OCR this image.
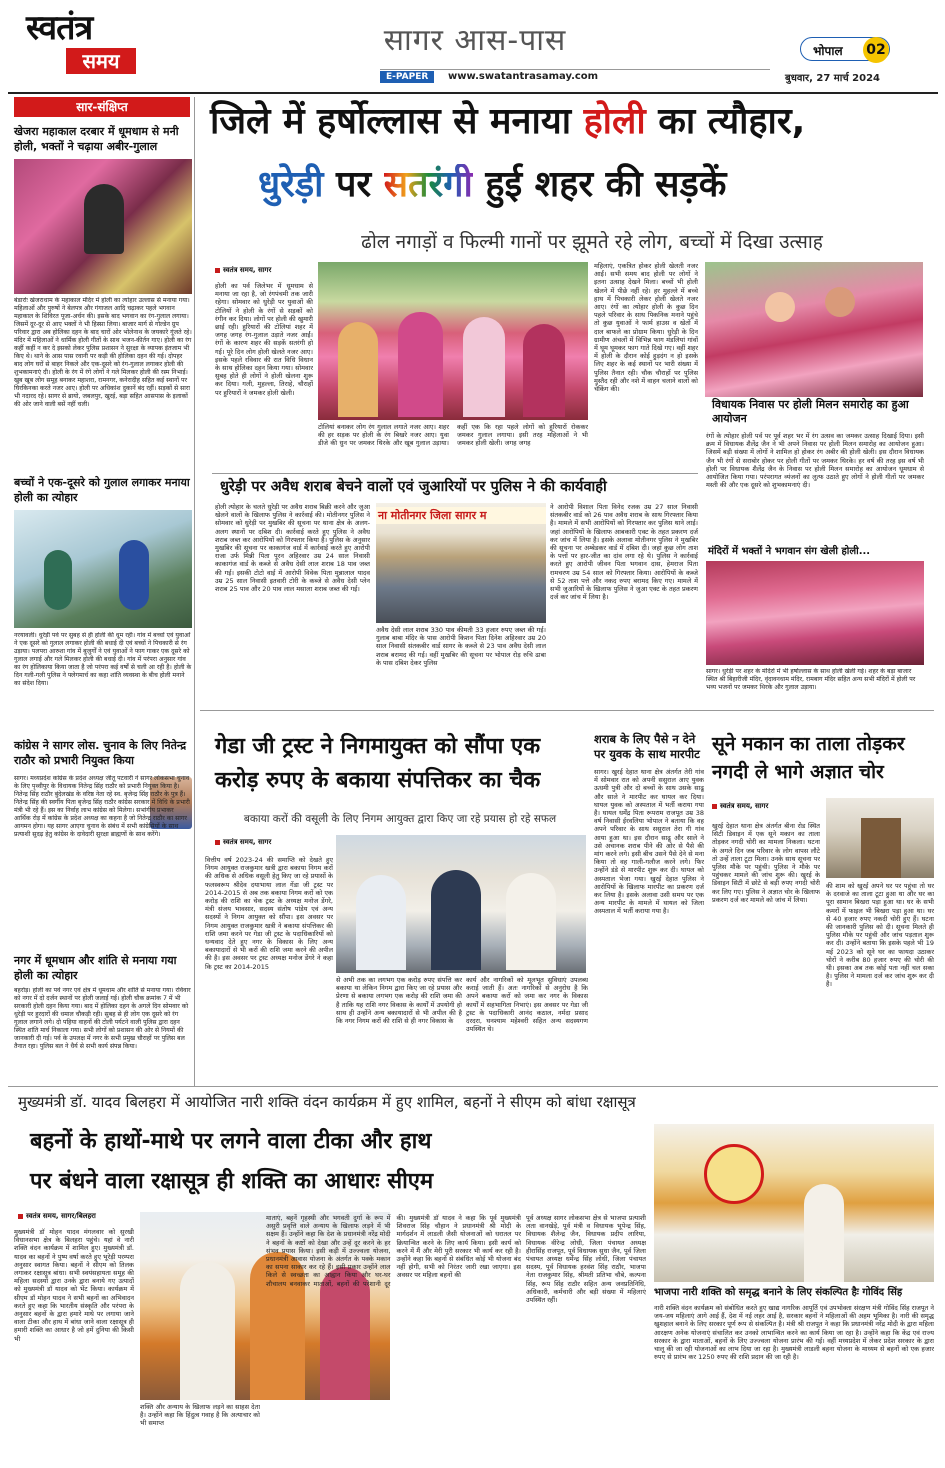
स्वतंत्र
समय
सागर आस-पास
E-PAPER	www.swatantrasamay.com
भोपाल 02
बुधवार, 27 मार्च 2024
सार-संक्षिप्त
खेजरा महाकाल दरबार में धूमधाम से मनी होली, भक्तों ने चढ़ाया अबीर-गुलाल
बंडारोः खेजराधाम के महाकाल मंदिर में होली का त्योहार उल्लास से मनाया गया। महिलाओं और पुरुषों ने बेलपत्र और गंगाजल आदि चढ़ाकर पहले भगवान महाकाल के शिविरत पूजा-अर्चन की। इसके बाद भगवान का रंग-गुलाल लगाया। जिसमें दूर-दूर से आए भक्तों ने भी हिस्सा लिया। बाजार मार्ग से गोल्डेन ग्रुप परिवार द्वारा अब होलिका दहन के बाद चारों ओर भोलेनाथ के जयकारे गूंजते रहे। मंदिर में महिलाओं ने धार्मिक होली गीतों के साथ भजन-कीर्तन गाए। होली का रंग कहीं कहीं न कर दे इसको लेकर पुलिस प्रशासन ने सुरक्षा के व्यापक इंतजाम भी किए थे। थाने के आस पास रवानी पर कड़ी की होलिका दहन की गई। दोपहर बाद लोग घरों से बाहर निकले और एक-दूसरे को रंग-गुलाल लगाकर होली की शुभकामनाएं दी। होली के रंग में रंगे लोगों ने गले मिलकर होली की रस्म निभाई। खुब खूब लोग समूह बनाकर महाशरा, रामनगर, कनेरादीह सहित कई स्थानों पर घिरकिनका करते नजर आए। होली पर अधिकांश दुकानें बंद रहीं। सड़कों से सारा भी नदारद रहे। सागर से ब्रायो, जबलपुर, खुरई, बड़ा सहित आसपास के इलाकों की ओर जाने वाली बसें नहीं चली।
बच्चों ने एक-दूसरे को गुलाल लगाकर मनाया होली का त्योहार
नरयावली। धुरेड़ी पर्व पर सुबह से ही होली की धूम रही। गांव में बच्चों एवं युवाओं ने एक दूसरे को गुलाल लगाकर होली की बधाई दी एवं बच्चों ने पिचकारी से रंग उड़ाया। पलपरा आरुशा गांव में बुजुर्गों ने एवं युवाओं ने फाग गाकर एक दूसरे को गुलाल लगाई और गले मिलकर होली की बधाई दी। गांव में परंपरा अनुसार गांव का रंग होलिकाया किया जाता है जो परंपरा कई वर्षों से चली आ रही है। होली के दिन गली-गली पुलिस ने फ्लेगमार्च का कहा शांति व्यवस्था के बीच होली मनाने का संदेश दिया।
कांग्रेस ने सागर लोस. चुनाव के लिए नितेन्द्र राठौर को प्रभारी नियुक्त किया
सागर। मध्यप्रदेश कांग्रेस के प्रदेश अध्यक्ष जीतू पटवारी ने सागर लोकसभा चुनाव के लिए पृथ्वीपुर के विधायक नितेन्द्र सिंह राठौर को प्रभारी नियुक्त किया है। नितेन्द्र सिंह राठौर बुंदेलखंड के वरिष्ठ नेता रहे स्व. बृजेन्द्र सिंह राठौर के पुत्र हैं। नितेन्द्र सिंह की स्वर्गीय पिता बृजेन्द्र सिंह राठौर कांग्रेस सरकार में विधि के प्रभारी मंत्री भी रहे हैं। इस का निर्वाह लाभ कांग्रेस को मिलेगा। सभांगीय प्रभाकर आर्थिक रोड़ में कांग्रेस के प्रदेश अध्यक्ष का कहना है जो नितेन्द्र राठौर का सागर आगमन होगा। यह सागर आएगा चुनाव के संबंध में सभी कांग्रेसियों के साथ प्रत्याशी सुदढ़ हेतु कांग्रेस के दावेदारी सुरक्षा ब्राह्मणों के साथ करेंगे।
नगर में धूमधाम और शांति से मनाया गया होली का त्योहार
बहरोड़। होली का पर्व नगर एवं क्षेत्र में धूमधाम और शांति से मनाया गया। रविवार को नगर में दो दर्जन स्थानों पर होली जलाई गई। होली चौक क्रमांक 7 में भी सरकारी होली दहन किया गया। बाद में होलिका दहन के अगले दिन सोमवार को धुरेड़ी पर हुरदारों की धमाल चौकड़ी रही। सुबह से ही लोग एक दूसरे को रंग गुलाल लगाने लगे। दो पहिया वाहनों की टोली पर्यटने वाली पुलिस द्वारा दहन स्थित शांति मार्च निकाला गया। सभी लोगों को प्रशासन की ओर से नियमों की जानकारी दी गई। पर्व के उपलक्ष में नगर के सभी प्रमुख चौराहों पर पुलिस बल तैनात रहा। पुलिस बल ने धैर्य से सभी कार्य संपन्न किया।
जिले में हर्षोल्लास से मनाया होली का त्यौहार,
धुरेड़ी पर सतरंगी हुई शहर की सड़कें
ढोल नगाड़ों व फिल्मी गानों पर झूमते रहे लोग, बच्चों में दिखा उत्साह
स्वतंत्र समय, सागर
होली का पर्व जिलेभर में धूमधाम से मनाया जा रहा है, जो रंगपंचमी तक जारी रहेगा। सोमवार को धुरेड़ी पर युवाओं की टोलियों ने होली के रंगों से सड़कों को रंगीन कर दिया। लोगों पर होली की खुमारी छाई रही। हुरियारों की टोलियां शहर में जगह जगह रंग-गुलाल उड़ाते नजर आईं। रंगों के कारण शहर की सड़कें सतरंगी हो गई। पूरे दिन लोग होली खेलते नजर आए। इसके पहले रविवार की रात विधि विधान के साथ होलिका दहन किया गया। सोमवार सुबह होते ही लोगों ने होली खेलना शुरू कर दिया। गली, मुहल्ला, तिराहे, चौराहों पर हुरियारों ने जमकर होली खेली।
टोलियां बनाकर लोग रंग गुलाल लगाते नजर आए। शहर की हर सड़क पर होली के रंग बिखरे नजर आए। युवा डीजे की धुन पर जमकर थिरके और खूब गुलाल उड़ाया। कहीं एक कि रहा पहले लोगों को हुरियारों रोककर जमकर गुलाल लगाया। इसी तरह महिलाओं ने भी जमकर होली खेली। जगह जगह
महिलाएं, एकत्रित होकर होली खेलती नजर आईं। सभी समय बाद होली पर लोगों ने इतना उत्साह देखने मिला। बच्चों भी होली खेलने में पीछे नहीं रहे। हर मुहल्ले में बच्चे हाथ में पिचकारी लेकर होली खेलते नजर आए। रंगों का त्योहार होली के कुछ दिन पहले परिवार के साथ पिकनिक मनाने पहुंचे तो कुछ युवाओं ने फार्म हाउस व खेतों में दाल बाफले का प्रोग्राम किया। धुरेड़ी के दिन ग्रामीण अंचलों में विभिन्न फाग मंडलियां गांवों में घूम घूमकर फाग गाते दिखे गए। वहीं शहर में होली के दौरान कोई हुड़दंग न हो इसके लिए शहर के कई स्थानों पर भारी संख्या में पुलिस तैनात रही। चौक चौराहों पर पुलिस मुस्तैद रही और नशे में वाहन चलाने वालों को चेकिंग की।
विधायक निवास पर होली मिलन समारोह का हुआ आयोजन
रंगों के त्योहार होली पर्व पर पूर्व शहर भर में रंग उत्सव का जमकर उत्साह दिखाई दिया। इसी क्रम में विधायक शैलेंद्र जैन ने भी अपने निवास पर होली मिलन समारोह का आयोजन हुआ। जिसमें बड़ी संख्या में लोगों ने शामिल हो होकर रंग अबीर की होली खेली। इस दौरान विधायक जैन भी रंगों से सराबोर होकर पर होली गीतों पर जमकर थिरके। हर वर्ष की तरह इस वर्ष भी होली पर विधायक शैलेंद्र जैन के निवास पर होली मिलन समारोह का आयोजन धूमधाम से आयोजित किया गया। परंपरागत व्यंजनों का लुत्फ उठाते हुए लोगों ने होली गीतों पर जमकर मस्ती की और एक दूसरे को शुभकामनाएं दी।
मंदिरों में भक्तों ने भगवान संग खेली होली...
सागर। धुरेड़ी पर शहर के मंदिरों में भी हर्षोल्लास के साथ होली खेली गई। शहर के बड़ा बाजार स्थित श्री बिहारीजी मंदिर, वृंदावनधाम मंदिर, रामबाग मंदिर सहित अन्य सभी मंदिरों में होली पर भव्य भजनों पर जमकर थिरके और गुलाल उड़ाया।
धुरेड़ी पर अवैध शराब बेचने वालों एवं जुआरियों पर पुलिस ने की कार्यवाही
होली त्योहार के चलते धुरेड़ी पर अवैध शराब बिक्री करने और जुआ खेलने वालों के खिलाफ पुलिस ने कार्रवाई की। मोतीनगर पुलिस ने सोमवार को धुरेड़ी पर मुखबिर की सूचना पर थाना क्षेत्र के अलग-अलग स्थानों पर दबिश दी। कार्रवाई करते हुए पुलिस ने अवैध शराब जब्त कर आरोपियों को गिरफ्तार किया है। पुलिस के अनुसार मुखबिर की सूचना पर काकागंज वार्ड में कार्रवाई करते हुए आरोपी राजा उर्फ मिन्नी पिता पूरन अहिरवार उम्र 24 साल निवासी काकागंज वार्ड के कब्जे से अवैध देसी लाल शराब 18 पाव जब्त की गई। इसकी टोटो वाई में आरोपी विवेक पिता मुन्नालाल यादव उम्र 25 साल निवासी इतवारी टोरी के कब्जे से अवैध देसी प्लेन शराब 25 पाव और 20 पाव लाल मसाला शराब जब्त की गई।
ना मोतीनगर जिला सागर म
अवैध देसी लाल शराब 330 पाव कीमती 33 हजार रुपए जब्त की गई। गुलाब बाबा मंदिर के पास आरोपी किशन पिता दिनेश अहिरवार उम्र 20 साल निवासी संतकबीर वार्ड सागर के कब्जे से 23 पाव अवैध देसी लाल शराब बरामद की गई। वहीं मुखबिर की सूचना पर भोपाल रोड़ रुचि ढाबा के पास दबिश देकर पुलिस
ने आरोपी विशाल पिता विनेद रजक उम्र 27 साल निवासी संतकबीर वार्ड को 26 पाव अवैध शराब के साथ गिरफ्तार किया है। मामले में सभी आरोपियों को गिरफ्तार कर पुलिस थाने लाई। जहां आरोपियों के खिलाफ आबकारी एक्ट के तहत प्रकरण दर्ज कर जांच में लिया है। इसके अलावा मोतीनगर पुलिस ने मुखबिर की सूचना पर अम्बेडकर वार्ड में दबिश दी। जहां कुछ लोग ताश के पत्तों पर हार-जीत का दांव लगा रहे थे। पुलिस ने कार्रवाई करते हुए आरोपी जीवन पिता भगवान दास, हेमराज पिता रामचरण उम्र 54 साल को गिरफ्तार किया। आरोपियों के कब्जे से 52 ताश पत्ते और नकद रुपए बरामद किए गए। मामले में सभी जुआरियों के खिलाफ पुलिस ने जुआ एक्ट के तहत प्रकरण दर्ज कर जांच में लिया है।
गेडा जी ट्रस्ट ने निगमायुक्त को सौंपा एक करोड़ रुपए के बकाया संपत्तिकर का चैक
बकाया करों की वसूली के लिए निगम आयुक्त द्वारा किए जा रहे प्रयास हो रहे सफल
स्वतंत्र समय, सागर
वित्तीय वर्ष 2023-24 की समाप्ति को देखते हुए निगम आयुक्त राजकुमार खत्री द्वारा बकाया निगम करों की अधिक से अधिक वसूली हेतु किए जा रहे प्रयासों के फलस्वरूप श्रीदेव दयाभाया लाल गेंडा जी ट्रस्ट पर 2014-2015 से अब तक बकाया निगम करों को एक करोड़ की राशि का चेक ट्रस्ट के अध्यक्ष मनोज डेंगरे, मंत्री संजय भावसार, सदस्य संतोष पांडेय एवं अन्य सदस्यों ने निगम आयुक्त को सौंपा। इस अवसर पर निगम आयुक्त राजकुमार खत्री ने बकाया संपत्तिकर की राशि जमा करने पर गेडा जी ट्रस्ट के पदाधिकारियों को धन्यवाद देते हुए नगर के विकास के लिए अन्य बकायादारों से भी करों की राशि जमा करने की अपील की है। इस अवसर पर ट्रस्ट अध्यक्ष मनोज डेंगरे ने कहा कि ट्रस्ट का 2014-2015
से अभी तक का लगभग एक करोड़ रुपए संपत्ति कर बकाया था लेकिन निगम द्वारा किए जा रहे प्रयास और प्रेरणा से बकाया लगभग एक करोड़ की राशि जमा की है ताकि यह राशि नगर विकास के कार्यों में उपयोगी हो साथ ही उन्होंने अन्य बकायादारों से भी अपील की है कि नगर निगम करों की राशि से ही नगर विकास के
कार्य और नागरिकों को मूलभूत सुविधाएं उपलब्ध कराई जाती हैं। अतः नागरिकों से अनुरोध है कि अपने बकाया करों को जमा कर नगर के विकास कार्यों में सहभागिता निभाएं। इस अवसर पर गेडा जी ट्रस्ट के पदाधिकारी आनंद कठाल, नर्मदा प्रसाद दरदरा, घनश्याम महेश्वरी सहित अन्य सदस्यगण उपस्थित थे।
शराब के लिए पैसे न देने पर युवक के साथ मारपीट
सागर। खुरई देहात थाना क्षेत्र अंतर्गत तेरी गांव में सोमवार रात को अपनी ससुराल आए युवक ऊधमी पुत्री और दो बच्चों के साथ उसके साढू और साले ने मारपीट कर घायल कर दिया। घायल युवक को अस्पताल में भर्ती कराया गया है। घायल धर्मेंद्र पिता रूपराम राजपूत उम्र 38 वर्ष निवासी ईरवलिया भोपाल ने बताया कि वह अपने परिवार के साथ ससुराल तेरा गी गांव आया हुआ था। इस दौरान साढू और साले ने उसे अचानक शराब पीने की ओर से पैसे की मांग करने लगे। इसी बीच उसने पैसे देने से मना किया तो वह गाली-गलौज करने लगे। फिर उन्होंने डंडे से मारपीट शुरू कर दी। घायल को अस्पताल भेजा गया। खुरई देहात पुलिस ने आरोपियों के खिलाफ मारपीट का प्रकरण दर्ज कर लिया है। इसके अलावा उसी समय पर एक अन्य मारपीट के मामले में घायल को जिला अस्पताल में भर्ती कराया गया है।
सूने मकान का ताला तोड़कर नगदी ले भागे अज्ञात चोर
स्वतंत्र समय, सागर
खुरई देहात थाना क्षेत्र अंतर्गत बीना रोड स्थित सिटी डिवाइन में एक सूने मकान का ताला तोड़कर नगदी चोरी का मामला निकला। घटना के अगले दिन जब परिवार के लोग वापस लौटे तो उन्हें ताला टूटा मिला। उनके साथ सूचना पर पुलिस मौके पर पहुंची। पुलिस ने मौके पर पहुंचकर मामले की जांच शुरू की। खुरई के डिवाइन सिटी में छोटे से बड़ी रुपए नगदी चोरी कर लिए गए। पुलिस ने अज्ञात चोर के खिलाफ प्रकरण दर्ज कर मामले को जांच में लिया।
की शाम को खुरई अपने घर पर पहुंचा तो घर के दरवाजे का ताला टूटा हुआ था और घर का पूरा सामान बिखरा पड़ा हुआ था। घर के सभी कमरों में फाइल भी बिखरा पड़ा हुआ था। घर से 40 हजार रुपए नकदी चोरी हुए हैं। घटना की जानकारी पुलिस को दी। सूचना मिलते ही पुलिस मौके पर पहुंची और जांच पड़ताल शुरू कर दी। उन्होंने बताया कि इसके पहले भी 19 मई 2023 को सूने घर का फायदा उठाकर चोरों ने करीब 80 हजार रुपए की चोरी की थी। इसका अब तक कोई पता नहीं चल सका है। पुलिस ने मामला दर्ज कर जांच शुरू कर दी है।
मुख्यमंत्री डॉ. यादव बिलहरा में आयोजित नारी शक्ति वंदन कार्यक्रम में हुए शामिल, बहनों ने सीएम को बांधा रक्षासूत्र
बहनों के हाथों-माथे पर लगने वाला टीका और हाथ
पर बंधने वाला रक्षासूत्र ही शक्ति का आधारः सीएम
स्वतंत्र समय, सागर/बिलहरा
मुख्यमंत्री डॉ मोहन यादव मंगलवार को सुरखी विधानसभा क्षेत्र के बिलहरा पहुंचे। यहां वे नारी शक्ति वंदन कार्यक्रम में शामिल हुए। मुख्यमंत्री डॉ. यादव का बहनों ने पुष्प वर्षा करते हुए भूरेड़ी परम्परा अनुसार स्वागत किया। बहनों ने सीएम को तिलक लगाकर रक्षासूत्र बांधा। सभी स्वयंसहायता समूह की महिला सदस्यों द्वारा उनके द्वारा बनाये गए उत्पादों को मुख्यमंत्री डॉ यादव को भेंट किया। कार्यक्रम में सीएम डॉ मोहन यादव ने सभी बहनों का अभिवादन करते हुए कहा कि भारतीय संस्कृति और परंपरा के अनुसार बहनों के द्वारा हमारे माथे पर लगाया जाने वाला टीका और हाथ में बांधा जाने वाला रक्षासूत्र ही हमारी शक्ति का आधार है जो हमें दुनिया की किसी भी
शक्ति और अन्याय के खिलाफ लड़ने का साहस देता है। उन्होंने कहा कि हिंदुत्व गवाह है कि अत्याचार को भी समाप्त
माताएं, बहनें गृहस्थी और भगवती दुर्गा के रूप में असुरी प्रवृत्ति वाले अन्याय के खिलाफ लड़ने में भी सक्षम हैं। उन्होंने कहा कि देश के प्रधानमंत्री नरेंद्र मोदी ने बहनों के कष्टों को देखा और उन्हें दूर करने के हर संभव प्रयास किया। इसी कड़ी में उज्ज्वला योजना, प्रधानमंत्री आवास योजना के अंतर्गत के पक्के मकान का सपना साकार कर रहे हैं। इसी प्रकार उन्होंने लाल किले से स्वच्छता का आह्वान किया और घर-घर शौचालय बनवाकर माताओं, बहनों की परेशानी दूर की। मुख्यमंत्री डॉ यादव ने कहा कि पूर्व मुख्यमंत्री शिवराज सिंह चौहान ने प्रधानमंत्री श्री मोदी के मार्गदर्शन में लाडली जैसी योजनाओं को धरातल पर क्रियान्वित करने के लिए कार्य किया। इसी कार्य को करने में मैं और मेरी पूरी सरकार भी कार्य कर रही है। उन्होंने कहा कि बहनों से संबंधित कोई भी योजना बंद नहीं होगी, सभी को निरंतर जारी रखा जाएगा। इस अवसर पर महिला बहनों की
पूर्व अध्यक्ष सागर लोकसभा क्षेत्र से भाजपा प्रत्याशी लता वानखेड़े, पूर्व मंत्री व विधायक भूपेन्द्र सिंह, विधायक शैलेन्द्र जैन, विधायक प्रदीप लारिया, विधायक वीरेन्द्र लोधी, जिला पंचायत अध्यक्ष हीरासिंह राजपूत, पूर्व विधायक सुधा जैन, पूर्व जिला पंचायत अध्यक्ष धर्मेन्द्र सिंह लोधी, जिला पंचायत सदस्य, पूर्व विधायक हरवंश सिंह राठौर, भाजपा नेता राजकुमार सिंह, श्रीमती प्रतिभा चौबे, कल्पना सिंह, रूप सिंह राठौर सहित अन्य जनप्रतिनिधि, अधिकारी, कर्मचारी और बड़ी संख्या में महिलाएं उपस्थित रहीं।
भाजपा नारी शक्ति को समृद्ध बनाने के लिए संकल्पित हैः गोविंद सिंह
नारी शक्ति वंदन कार्यक्रम को संबोधित करते हुए खाद्य नागरिक आपूर्ति एवं उपभोक्ता संरक्षण मंत्री गोविंद सिंह राजपूत ने जय-जय महिलाएं आगे आई हैं, देश में नई लहर आई है, सरकार बहनों ने महिलाओं की अहम भूमिका है। नारी की समृद्ध खुशहाल बनाने के लिए सरकार पूर्ण रूप से संकल्पित है। मंत्री श्री राजपूत ने कहा कि प्रधानमंत्री नरेंद्र मोदी के द्वारा महिला आरक्षण अनेक योजनाएं संचालित कर उनको लाभान्वित करने का कार्य किया जा रहा है। उन्होंने कहा कि केंद्र एवं राज्य सरकार के द्वारा माताओं, बहनों के लिए उज्ज्वला योजना प्रारंभ की गई। वहीं मध्यप्रदेश में लेकर प्रदेश सरकार के द्वारा चालू की जा रही योजनाओं का लाभ दिया जा रहा है। मुख्यमंत्री लाडली बहना योजना के माध्यम से बहनों को एक हजार रुपए से प्रारंभ कर 1250 रुपए की राशि प्रदान की जा रही है।
